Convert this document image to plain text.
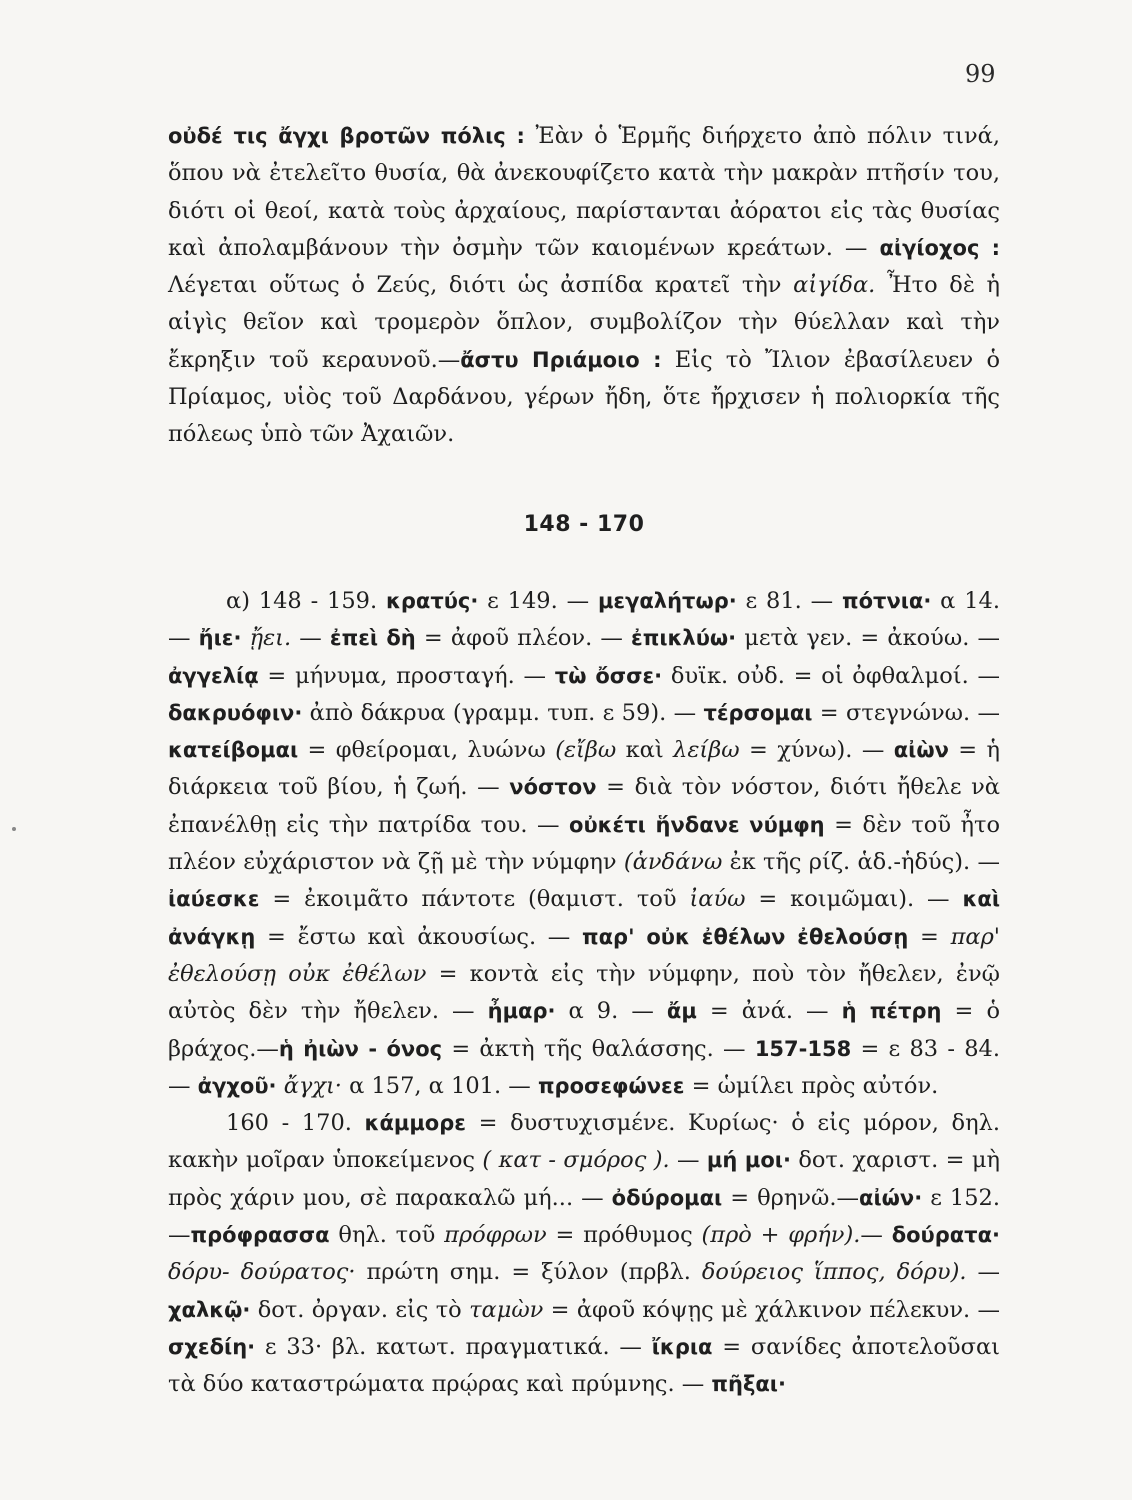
99

οὐδέ τις ἄγχι βροτῶν πόλις : Ἐὰν ὁ Ἑρμῆς διήρχετο ἀπὸ πόλιν τινά, ὅπου νὰ ἐτελεῖτο θυσία, θὰ ἀνεκουφίζετο κατὰ τὴν μακρὰν πτῆσίν του, διότι οἱ θεοί, κατὰ τοὺς ἀρχαίους, παρίστανται ἀόρατοι εἰς τὰς θυσίας καὶ ἀπολαμβάνουν τὴν ὀσμὴν τῶν καιομένων κρεάτων. — αἰγίοχος : Λέγεται οὕτως ὁ Ζεύς, διότι ὡς ἀσπίδα κρατεῖ τὴν αἰγίδα. Ἦτο δὲ ἡ αἰγὶς θεῖον καὶ τρομερὸν ὅπλον, συμβολίζον τὴν θύελλαν καὶ τὴν ἔκρηξιν τοῦ κεραυνοῦ.—ἄστυ Πριάμοιο : Εἰς τὸ Ἴλιον ἐβασίλευεν ὁ Πρίαμος, υἱὸς τοῦ Δαρδάνου, γέρων ἤδη, ὅτε ἤρχισεν ἡ πολιορκία τῆς πόλεως ὑπὸ τῶν Ἀχαιῶν.

148 - 170

α) 148 - 159. κρατύς· ε 149. — μεγαλήτωρ· ε 81. — πότνια· α 14. — ἤιε· ᾔει. — ἐπεὶ δὴ = ἀφοῦ πλέον. — ἐπικλύω· μετὰ γεν. = ἀκούω. — ἀγγελίᾳ = μήνυμα, προσταγή. — τὼ ὄσσε· δυϊκ. οὐδ. = οἱ ὀφθαλμοί. — δακρυόφιν· ἀπὸ δάκρυα (γραμμ. τυπ. ε 59). — τέρσομαι = στεγνώνω. — κατείβομαι = φθείρομαι, λυώνω (εἴβω καὶ λείβω = χύνω). — αἰὼν = ἡ διάρκεια τοῦ βίου, ἡ ζωή. — νόστον = διὰ τὸν νόστον, διότι ἤθελε νὰ ἐπανέλθῃ εἰς τὴν πατρίδα του. — οὐκέτι ἥνδανε νύμφη = δὲν τοῦ ἦτο πλέον εὐχάριστον νὰ ζῇ μὲ τὴν νύμφην (ἁνδάνω ἐκ τῆς ρίζ. ἁδ.-ἡδύς). — ἰαύεσκε = ἐκοιμᾶτο πάντοτε (θαμιστ. τοῦ ἰαύω = κοιμῶμαι). — καὶ ἀνάγκῃ = ἔστω καὶ ἀκουσίως. — παρ' οὐκ ἐθέλων ἐθελούσῃ = παρ' ἐθελούσῃ οὐκ ἐθέλων = κοντὰ εἰς τὴν νύμφην, ποὺ τὸν ἤθελεν, ἐνῷ αὐτὸς δὲν τὴν ἤθελεν. — ἦμαρ· α 9. — ἄμ = ἀνά. — ἡ πέτρη = ὁ βράχος.—ἡ ἠιὼν - όνος = ἀκτὴ τῆς θαλάσσης. — 157-158 = ε 83 - 84. — ἀγχοῦ· ἄγχι· α 157, α 101. — προσεφώνεε = ὡμίλει πρὸς αὐτόν.

160 - 170. κάμμορε = δυστυχισμένε. Κυρίως· ὁ εἰς μόρον, δηλ. κακὴν μοῖραν ὑποκείμενος ( κατ - σμόρος ). — μή μοι· δοτ. χαριστ. = μὴ πρὸς χάριν μου, σὲ παρακαλῶ μή... — ὀδύρομαι = θρηνῶ.—αἰών· ε 152.—πρόφρασσα θηλ. τοῦ πρόφρων = πρόθυμος (πρὸ + φρήν).— δούρατα· δόρυ- δούρατος· πρώτη σημ. = ξύλον (πρβλ. δούρειος ἵππος, δόρυ). — χαλκῷ· δοτ. ὀργαν. εἰς τὸ ταμὼν = ἀφοῦ κόψῃς μὲ χάλκινον πέλεκυν. — σχεδίη· ε 33· βλ. κατωτ. πραγματικά. — ἴκρια = σανίδες ἀποτελοῦσαι τὰ δύο καταστρώματα πρῴρας καὶ πρύμνης. — πῆξαι·
